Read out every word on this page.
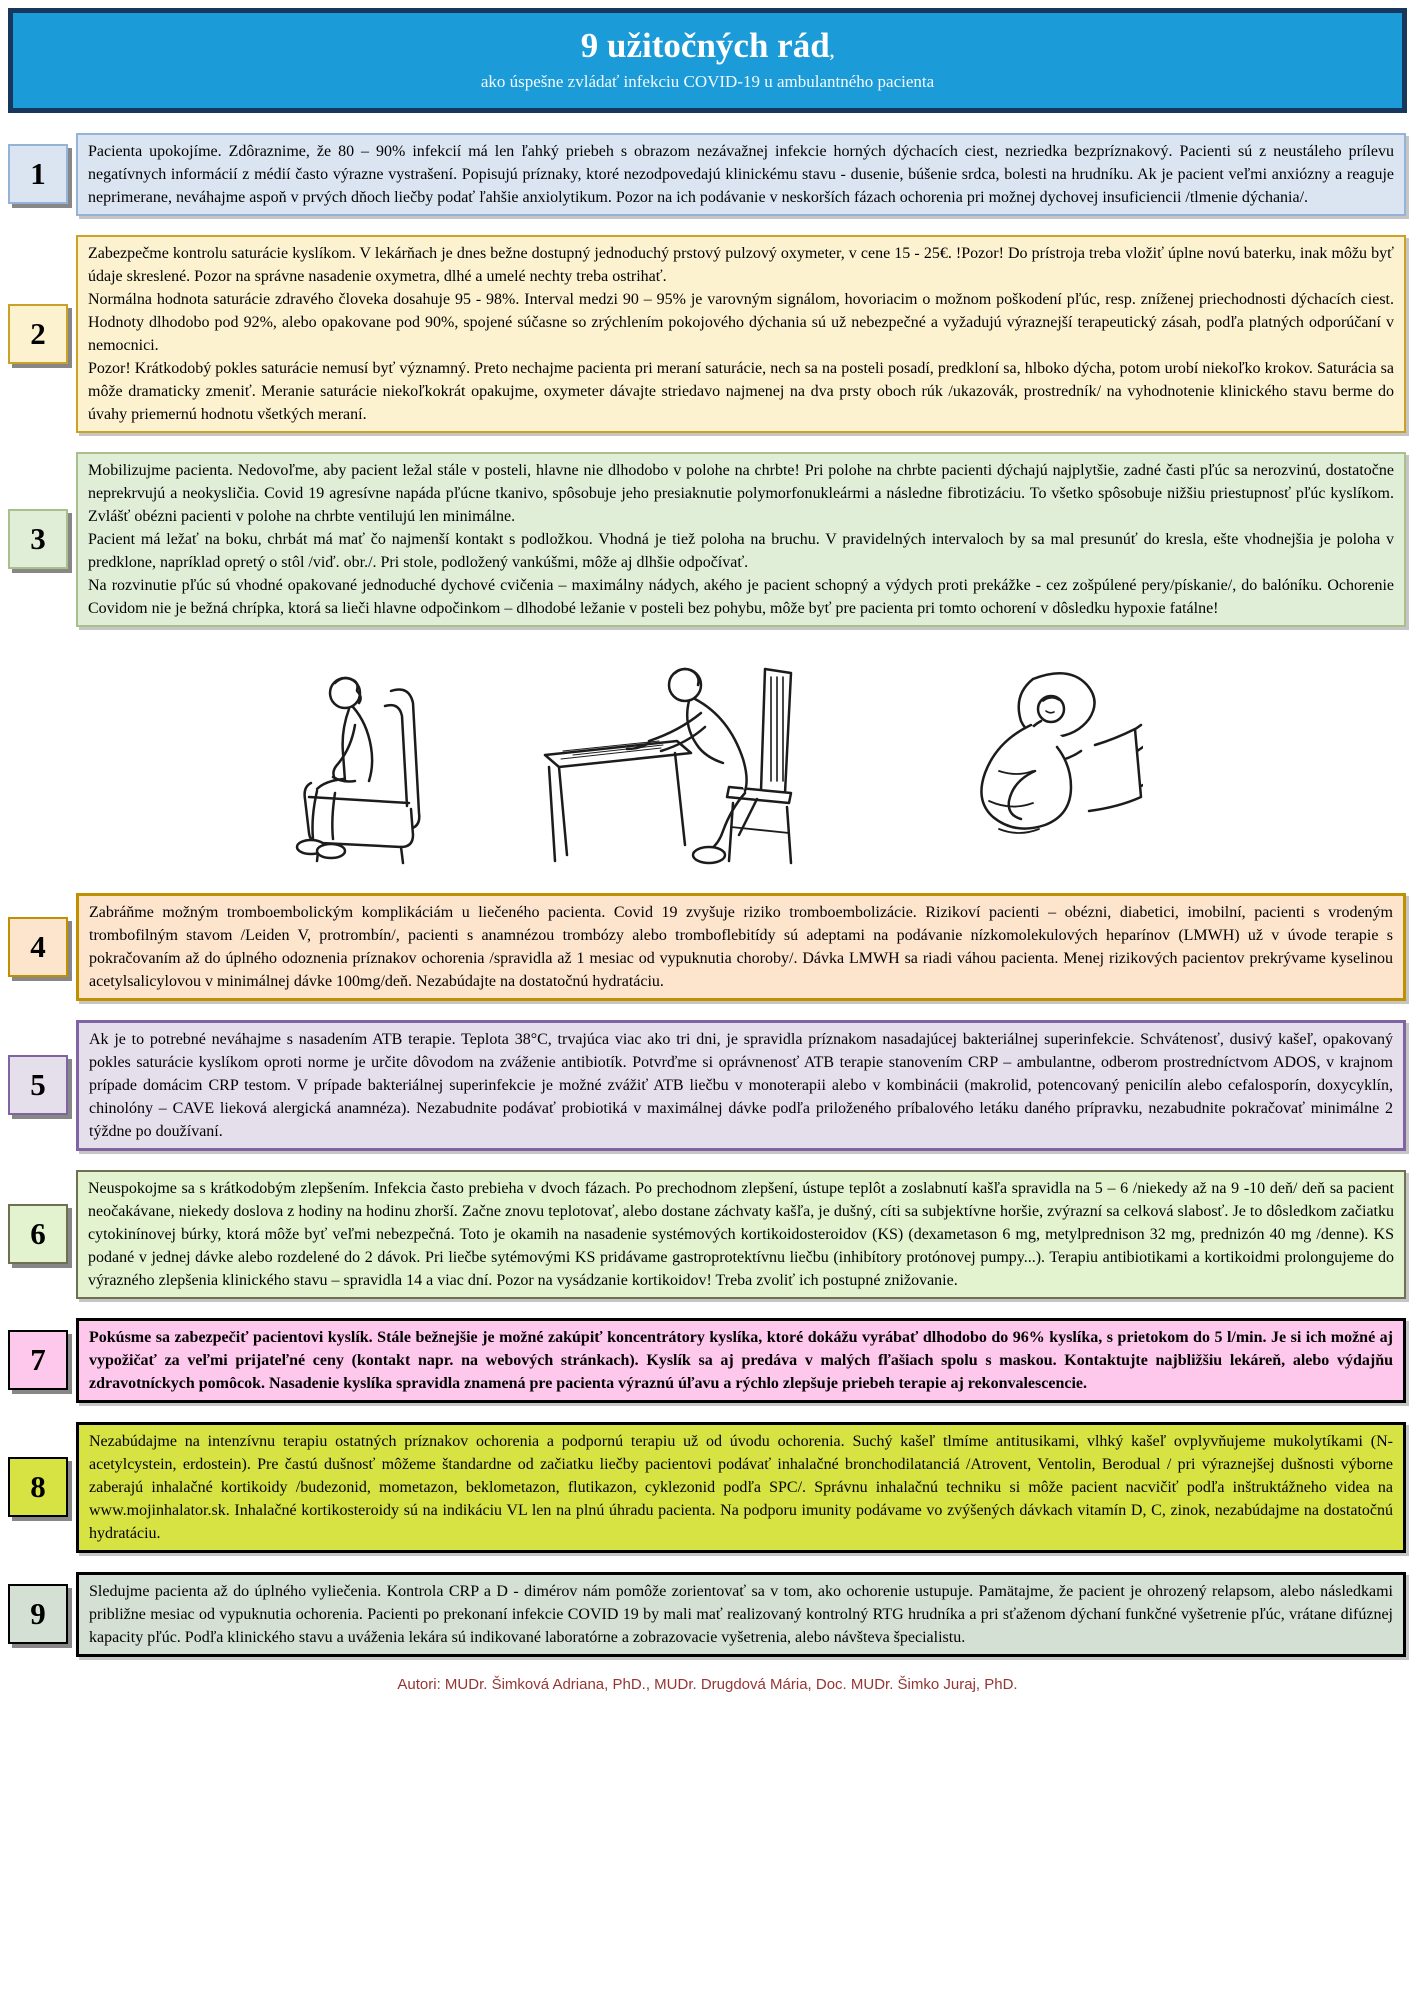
9 užitočných rád,
ako úspešne zvládať infekciu COVID-19 u ambulantného pacienta
1
Pacienta upokojíme. Zdôraznime, že 80 – 90% infekcií má len ľahký priebeh s obrazom nezávažnej infekcie horných dýchacích ciest, nezriedka bezpríznakový. Pacienti sú z neustáleho prílevu negatívnych informácií z médií často výrazne vystrašení. Popisujú príznaky, ktoré nezodpovedajú klinickému stavu - dusenie, búšenie srdca, bolesti na hrudníku. Ak je pacient veľmi anxiózny a reaguje neprimerane, neváhajme aspoň v prvých dňoch liečby podať ľahšie anxiolytikum. Pozor na ich podávanie v neskorších fázach ochorenia pri možnej dychovej insuficiencii /tlmenie dýchania/.
2
Zabezpečme kontrolu saturácie kyslíkom. V lekárňach je dnes bežne dostupný jednoduchý prstový pulzový oxymeter, v cene 15 - 25€. !Pozor! Do prístroja treba vložiť úplne novú baterku, inak môžu byť údaje skreslené. Pozor na správne nasadenie oxymetra, dlhé a umelé nechty treba ostrihať.
Normálna hodnota saturácie zdravého človeka dosahuje 95 - 98%. Interval medzi 90 – 95% je varovným signálom, hovoriacim o možnom poškodení pľúc, resp. zníženej priechodnosti dýchacích ciest. Hodnoty dlhodobo pod 92%, alebo opakovane pod 90%, spojené súčasne so zrýchlením pokojového dýchania sú už nebezpečné a vyžadujú výraznejší terapeutický zásah, podľa platných odporúčaní v nemocnici.
Pozor! Krátkodobý pokles saturácie nemusí byť významný. Preto nechajme pacienta pri meraní saturácie, nech sa na posteli posadí, predkloní sa, hlboko dýcha, potom urobí niekoľko krokov. Saturácia sa môže dramaticky zmeniť. Meranie saturácie niekoľkokrát opakujme, oxymeter dávajte striedavo najmenej na dva prsty oboch rúk /ukazovák, prostredník/ na vyhodnotenie klinického stavu berme do úvahy priemernú hodnotu všetkých meraní.
3
Mobilizujme pacienta. Nedovoľme, aby pacient ležal stále v posteli, hlavne nie dlhodobo v polohe na chrbte! Pri polohe na chrbte pacienti dýchajú najplytšie, zadné časti pľúc sa nerozvinú, dostatočne neprekrvujú a neokysličia. Covid 19 agresívne napáda pľúcne tkanivo, spôsobuje jeho presiaknutie polymorfonukleármi a následne fibrotizáciu. To všetko spôsobuje nižšiu priestupnosť pľúc kyslíkom. Zvlášť obézni pacienti v polohe na chrbte ventilujú len minimálne.
Pacient má ležať na boku, chrbát má mať čo najmenší kontakt s podložkou. Vhodná je tiež poloha na bruchu. V pravidelných intervaloch by sa mal presunúť do kresla, ešte vhodnejšia je poloha v predklone, napríklad opretý o stôl /viď. obr./. Pri stole, podložený vankúšmi, môže aj dlhšie odpočívať.
Na rozvinutie pľúc sú vhodné opakované jednoduché dychové cvičenia – maximálny nádych, akého je pacient schopný a výdych proti prekážke - cez zošpúlené pery/pískanie/, do balóníku. Ochorenie Covidom nie je bežná chrípka, ktorá sa lieči hlavne odpočinkom – dlhodobé ležanie v posteli bez pohybu, môže byť pre pacienta pri tomto ochorení v dôsledku hypoxie fatálne!
4
Zabráňme možným tromboembolickým komplikáciám u liečeného pacienta. Covid 19 zvyšuje riziko tromboembolizácie. Rizikoví pacienti – obézni, diabetici, imobilní, pacienti s vrodeným trombofilným stavom /Leiden V, protrombín/, pacienti s anamnézou trombózy alebo tromboflebitídy sú adeptami na podávanie nízkomolekulových heparínov (LMWH) už v úvode terapie s pokračovaním až do úplného odoznenia príznakov ochorenia /spravidla až 1 mesiac od vypuknutia choroby/. Dávka LMWH sa riadi váhou pacienta. Menej rizikových pacientov prekrývame kyselinou acetylsalicylovou v minimálnej dávke 100mg/deň. Nezabúdajte na dostatočnú hydratáciu.
5
Ak je to potrebné neváhajme s nasadením ATB terapie. Teplota 38°C, trvajúca viac ako tri dni, je spravidla príznakom nasadajúcej bakteriálnej superinfekcie. Schvátenosť, dusivý kašeľ, opakovaný pokles saturácie kyslíkom oproti norme je určite dôvodom na zváženie antibiotík. Potvrďme si oprávnenosť ATB terapie stanovením CRP – ambulantne, odberom prostredníctvom ADOS, v krajnom prípade domácim CRP testom. V prípade bakteriálnej superinfekcie je možné zvážiť ATB liečbu v monoterapii alebo v kombinácii (makrolid, potencovaný penicilín alebo cefalosporín, doxycyklín, chinolóny – CAVE lieková alergická anamnéza). Nezabudnite podávať probiotiká v maximálnej dávke podľa priloženého príbalového letáku daného prípravku, nezabudnite pokračovať minimálne 2 týždne po doužívaní.
6
Neuspokojme sa s krátkodobým zlepšením. Infekcia často prebieha v dvoch fázach. Po prechodnom zlepšení, ústupe teplôt a zoslabnutí kašľa spravidla na 5 – 6 /niekedy až na 9 -10 deň/ deň sa pacient neočakávane, niekedy doslova z hodiny na hodinu zhorší. Začne znovu teplotovať, alebo dostane záchvaty kašľa, je dušný, cíti sa subjektívne horšie, zvýrazní sa celková slabosť. Je to dôsledkom začiatku cytokinínovej búrky, ktorá môže byť veľmi nebezpečná. Toto je okamih na nasadenie systémových kortikoidosteroidov (KS) (dexametason 6 mg, metylprednison 32 mg, prednizón 40 mg /denne). KS podané v jednej dávke alebo rozdelené do 2 dávok. Pri liečbe sytémovými KS pridávame gastroprotektívnu liečbu (inhibítory protónovej pumpy...). Terapiu antibiotikami a kortikoidmi prolongujeme do výrazného zlepšenia klinického stavu – spravidla 14 a viac dní. Pozor na vysádzanie kortikoidov! Treba zvoliť ich postupné znižovanie.
7
Pokúsme sa zabezpečiť pacientovi kyslík. Stále bežnejšie je možné zakúpiť koncentrátory kyslíka, ktoré dokážu vyrábať dlhodobo do 96% kyslíka, s prietokom do 5 l/min. Je si ich možné aj vypožičať za veľmi prijateľné ceny (kontakt napr. na webových stránkach). Kyslík sa aj predáva v malých fľašiach spolu s maskou. Kontaktujte najbližšiu lekáreň, alebo výdajňu zdravotníckych pomôcok. Nasadenie kyslíka spravidla znamená pre pacienta výraznú úľavu a rýchlo zlepšuje priebeh terapie aj rekonvalescencie.
8
Nezabúdajme na intenzívnu terapiu ostatných príznakov ochorenia a podpornú terapiu už od úvodu ochorenia. Suchý kašeľ tlmíme antitusikami, vlhký kašeľ ovplyvňujeme mukolytíkami (N- acetylcystein, erdostein). Pre častú dušnosť môžeme štandardne od začiatku liečby pacientovi podávať inhalačné bronchodilatanciá /Atrovent, Ventolin, Berodual / pri výraznejšej dušnosti výborne zaberajú inhalačné kortikoidy /budezonid, mometazon, beklometazon, flutikazon, cyklezonid podľa SPC/. Správnu inhalačnú techniku si môže pacient nacvičiť podľa inštruktážneho videa na www.mojinhalator.sk. Inhalačné kortikosteroidy sú na indikáciu VL len na plnú úhradu pacienta. Na podporu imunity podávame vo zvýšených dávkach vitamín D, C, zinok, nezabúdajme na dostatočnú hydratáciu.
9
Sledujme pacienta až do úplného vyliečenia. Kontrola CRP a D - dimérov nám pomôže zorientovať sa v tom, ako ochorenie ustupuje. Pamätajme, že pacient je ohrozený relapsom, alebo následkami približne mesiac od vypuknutia ochorenia. Pacienti po prekonaní infekcie COVID 19 by mali mať realizovaný kontrolný RTG hrudníka a pri sťaženom dýchaní funkčné vyšetrenie pľúc, vrátane difúznej kapacity pľúc. Podľa klinického stavu a uváženia lekára sú indikované laboratórne a zobrazovacie vyšetrenia, alebo návšteva špecialistu.
Autori: MUDr. Šimková Adriana, PhD., MUDr. Drugdová Mária, Doc. MUDr. Šimko Juraj, PhD.
